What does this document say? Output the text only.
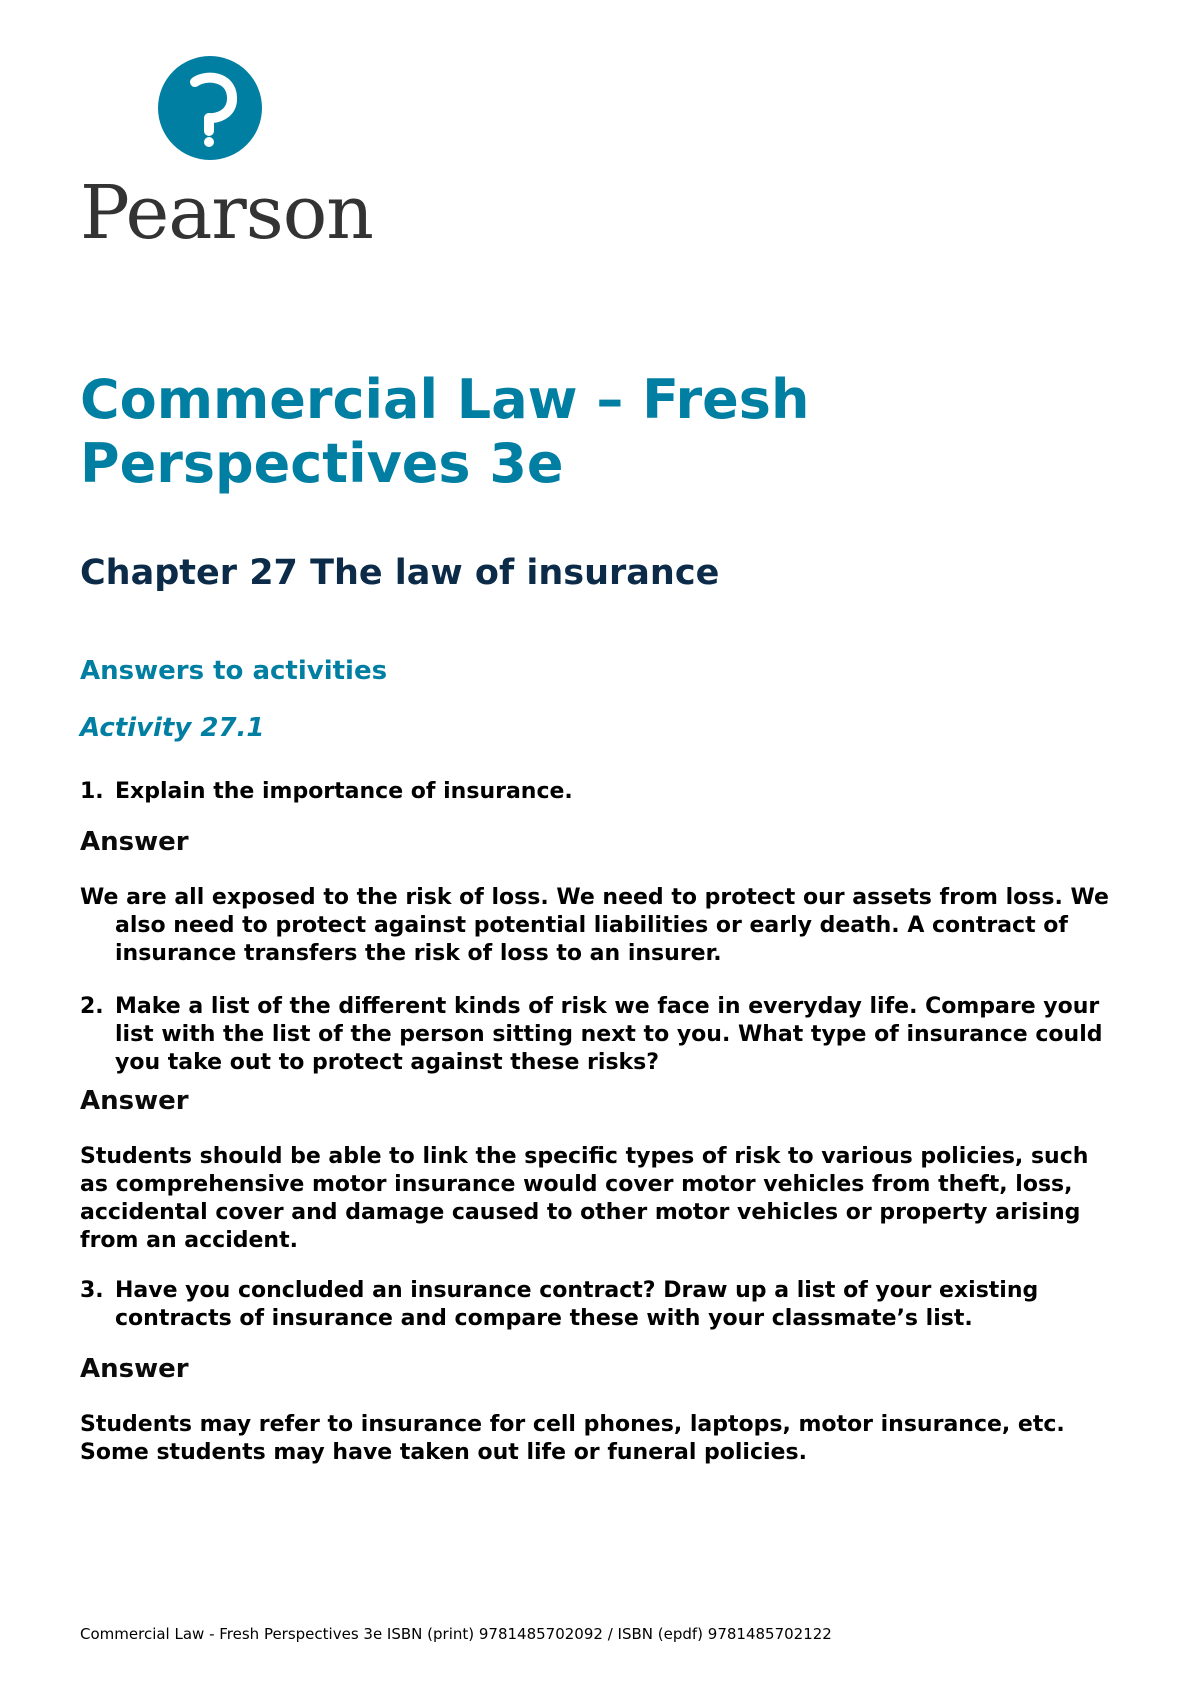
Pearson
Commercial Law – Fresh Perspectives 3e
Chapter 27 The law of insurance
Answers to activities
Activity 27.1
1. Explain the importance of insurance.

Answer

We are all exposed to the risk of loss. We need to protect our assets from loss. We also need to protect against potential liabilities or early death. A contract of insurance transfers the risk of loss to an insurer.

2. Make a list of the different kinds of risk we face in everyday life. Compare your list with the list of the person sitting next to you. What type of insurance could you take out to protect against these risks?

Answer

Students should be able to link the specific types of risk to various policies, such as comprehensive motor insurance would cover motor vehicles from theft, loss, accidental cover and damage caused to other motor vehicles or property arising from an accident.

3. Have you concluded an insurance contract? Draw up a list of your existing contracts of insurance and compare these with your classmate’s list.

Answer

Students may refer to insurance for cell phones, laptops, motor insurance, etc. Some students may have taken out life or funeral policies.

Commercial Law - Fresh Perspectives 3e ISBN (print) 9781485702092 / ISBN (epdf) 9781485702122
